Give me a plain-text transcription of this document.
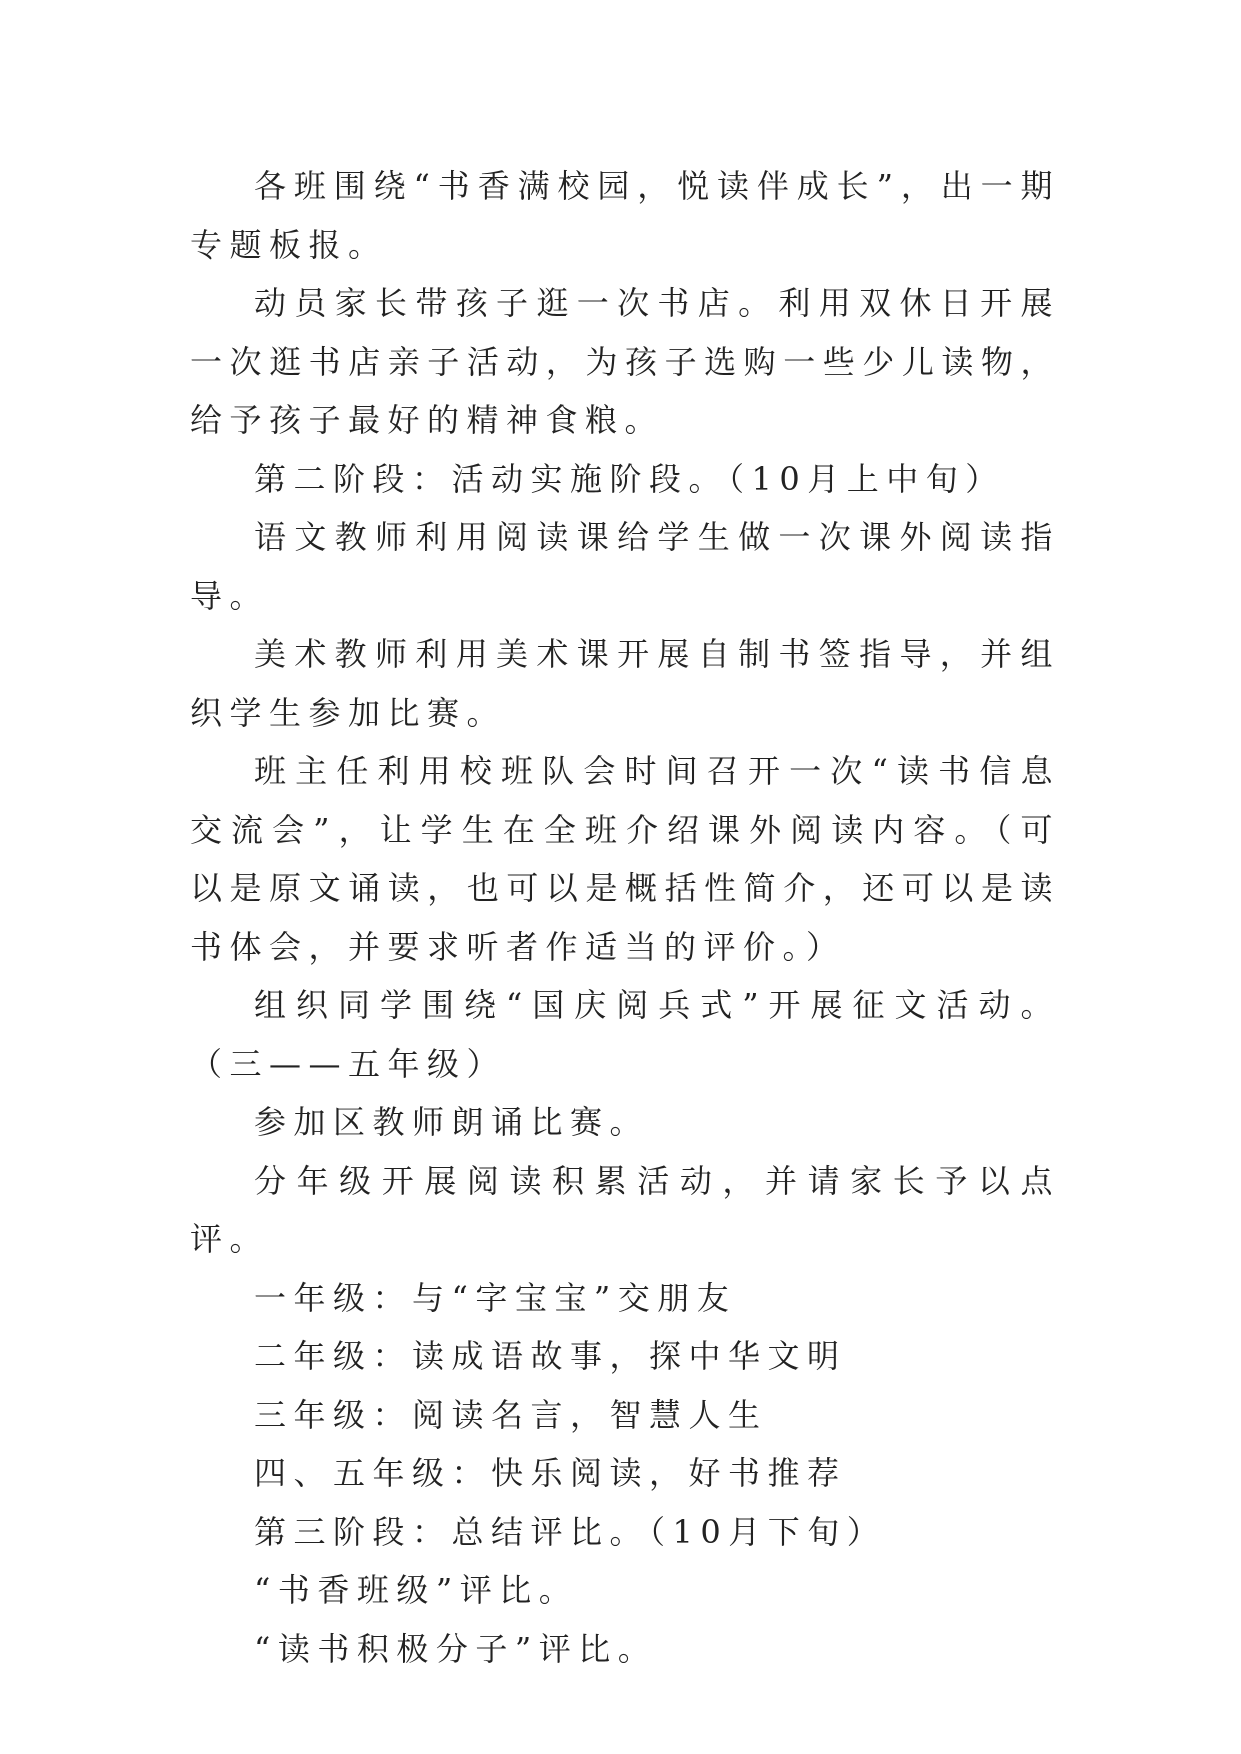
各班围绕“书香满校园，悦读伴成长”，出一期专题板报。

动员家长带孩子逛一次书店。利用双休日开展一次逛书店亲子活动，为孩子选购一些少儿读物，给予孩子最好的精神食粮。

第二阶段：活动实施阶段。（10月上中旬）

语文教师利用阅读课给学生做一次课外阅读指导。

美术教师利用美术课开展自制书签指导，并组织学生参加比赛。

班主任利用校班队会时间召开一次“读书信息交流会”，让学生在全班介绍课外阅读内容。（可以是原文诵读，也可以是概括性简介，还可以是读书体会，并要求听者作适当的评价。）

组织同学围绕“国庆阅兵式”开展征文活动。（三——五年级）

参加区教师朗诵比赛。

分年级开展阅读积累活动，并请家长予以点评。

一年级：与“字宝宝”交朋友

二年级：读成语故事，探中华文明

三年级：阅读名言，智慧人生

四、五年级：快乐阅读，好书推荐

第三阶段：总结评比。（10月下旬）

“书香班级”评比。

“读书积极分子”评比。
